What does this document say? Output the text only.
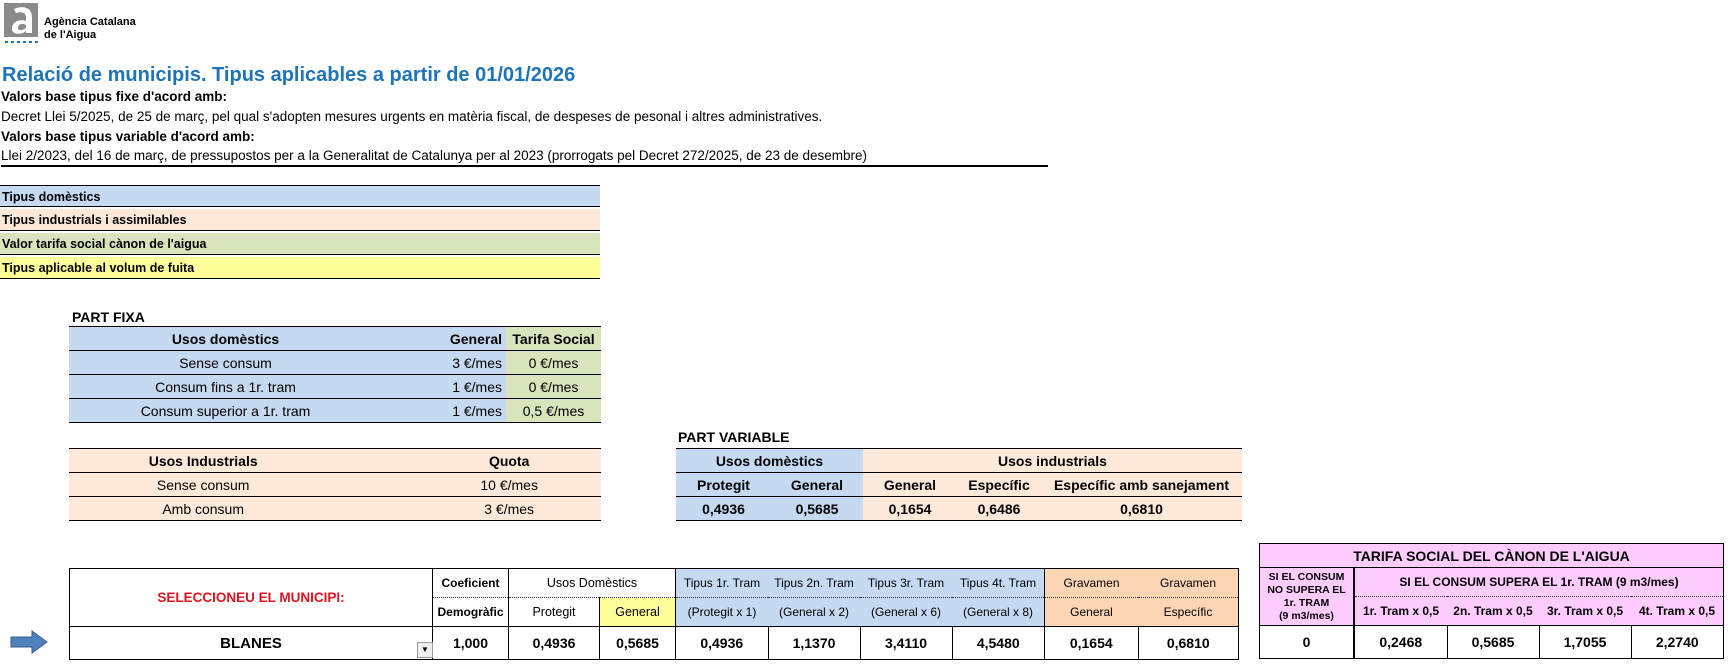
Agència Catalana
de l'Aigua
Relació de municipis. Tipus aplicables a partir de 01/01/2026
Valors base tipus fixe d'acord amb:
Decret Llei 5/2025, de 25 de març, pel qual s'adopten mesures urgents en matèria fiscal, de despeses de pesonal i altres administratives.
Valors base tipus variable d'acord amb:
Llei 2/2023, del 16 de març, de pressupostos per a la Generalitat de Catalunya per al 2023 (prorrogats pel Decret 272/2025, de 23 de desembre)
Tipus domèstics
Tipus industrials i assimilables
Valor tarifa social cànon de l'aigua
Tipus aplicable al volum de fuita
PART FIXA
Usos domèstics	General	Tarifa Social
Sense consum	3 €/mes	0 €/mes
Consum fins a 1r. tram	1 €/mes	0 €/mes
Consum superior a 1r. tram	1 €/mes	0,5 €/mes
Usos Industrials	Quota
Sense consum	10 €/mes
Amb consum	3 €/mes
PART VARIABLE
Usos domèstics		Usos industrials		
Protegit	General	General	Específic	Específic amb sanejament
0,4936	0,5685	0,1654	0,6486	0,6810
SELECCIONEU EL MUNICIPI:	Coeficient	Usos Domèstics		Tipus 1r. Tram	Tipus 2n. Tram	Tipus 3r. Tram	Tipus 4t. Tram	Gravamen	Gravamen
	Demogràfic	Protegit	General	(Protegit x 1)	(General x 2)	(General x 6)	(General x 8)	General	Específic
BLANES ▼	1,000	0,4936	0,5685	0,4936	1,1370	3,4110	4,5480	0,1654	0,6810
TARIFA SOCIAL DEL CÀNON DE L'AIGUA				

SI EL CONSUM
NO SUPERA EL
1r. TRAM
(9 m3/mes)	SI EL CONSUM SUPERA EL 1r. TRAM (9 m3/mes)			
	1r. Tram x 0,5	2n. Tram x 0,5	3r. Tram x 0,5	4t. Tram x 0,5
0	0,2468	0,5685	1,7055	2,2740
